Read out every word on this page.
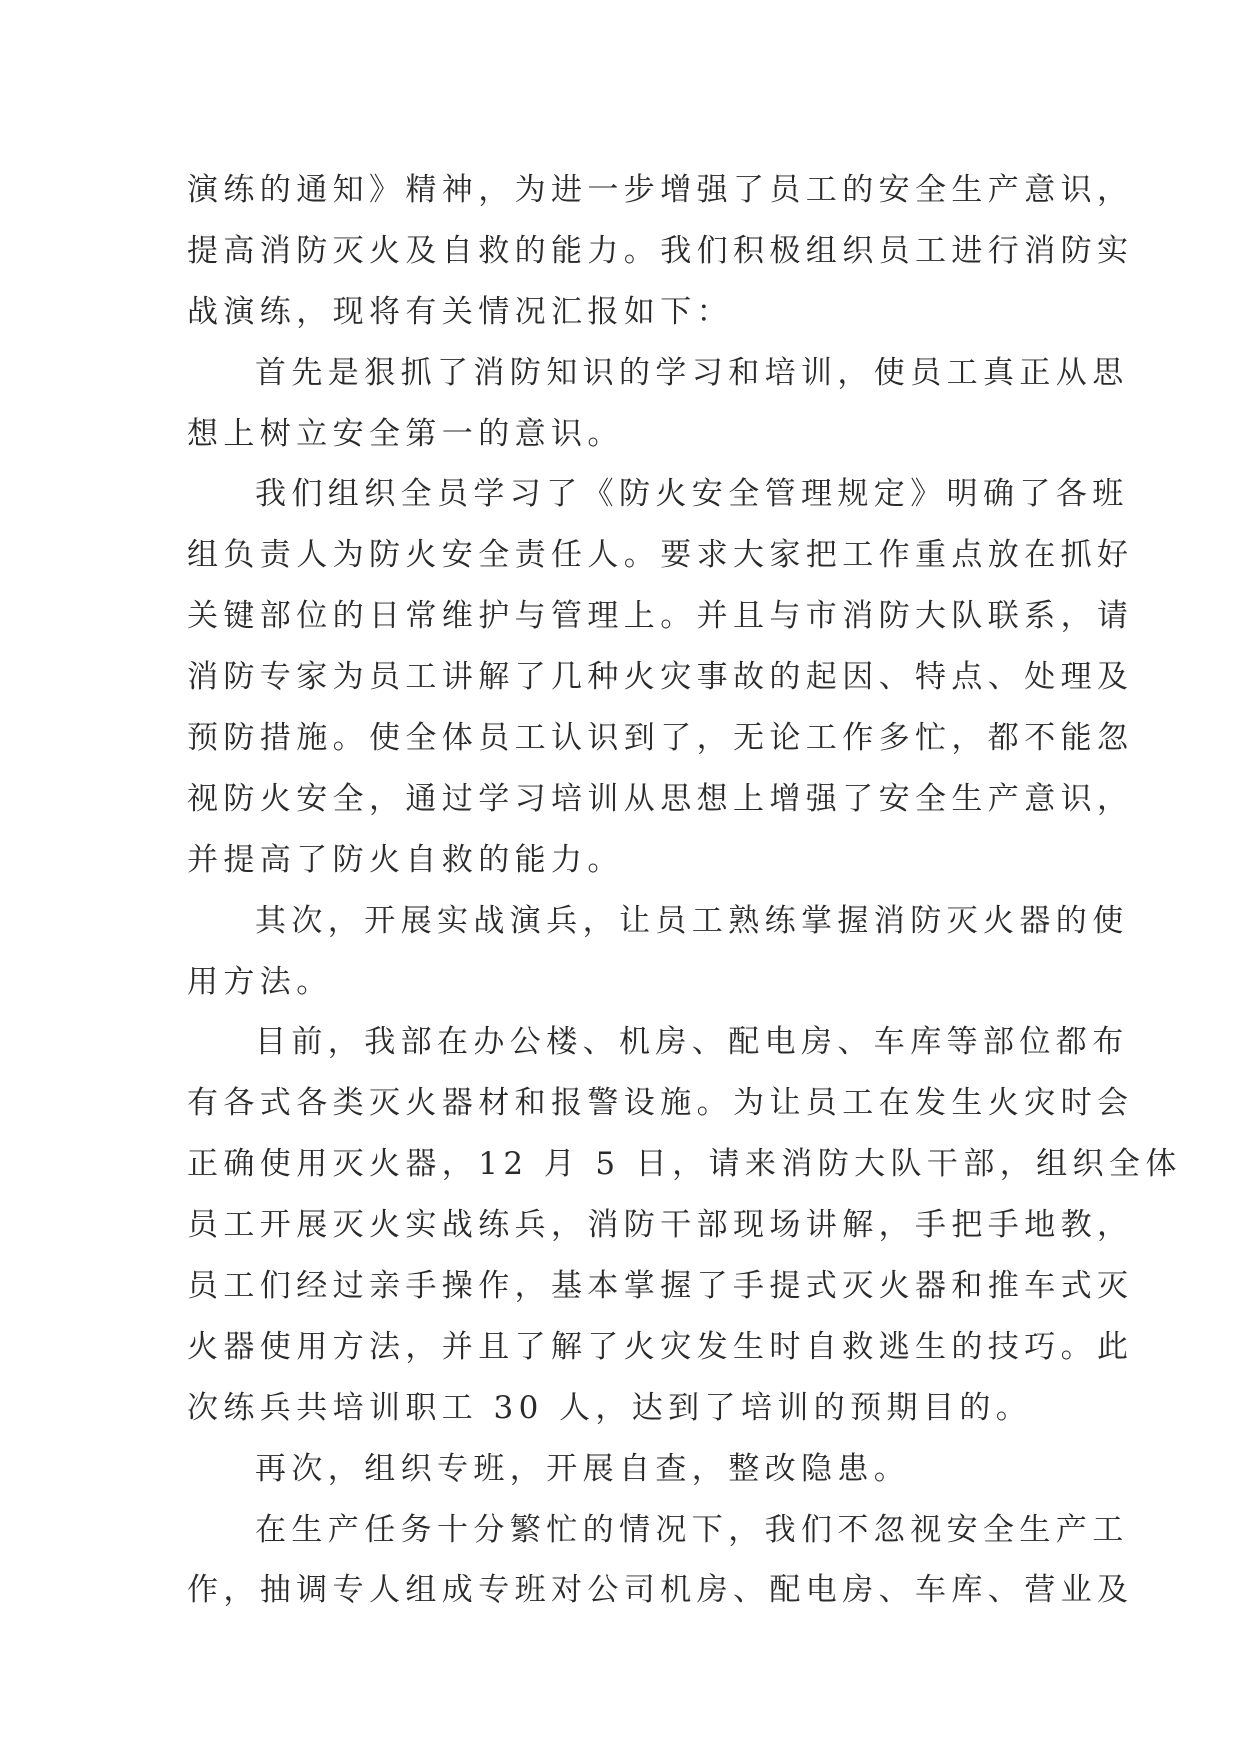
演练的通知》精神，为进一步增强了员工的安全生产意识，
提高消防灭火及自救的能力。我们积极组织员工进行消防实
战演练，现将有关情况汇报如下：
首先是狠抓了消防知识的学习和培训，使员工真正从思
想上树立安全第一的意识。
我们组织全员学习了《防火安全管理规定》明确了各班
组负责人为防火安全责任人。要求大家把工作重点放在抓好
关键部位的日常维护与管理上。并且与市消防大队联系，请
消防专家为员工讲解了几种火灾事故的起因、特点、处理及
预防措施。使全体员工认识到了，无论工作多忙，都不能忽
视防火安全，通过学习培训从思想上增强了安全生产意识，
并提高了防火自救的能力。
其次，开展实战演兵，让员工熟练掌握消防灭火器的使
用方法。
目前，我部在办公楼、机房、配电房、车库等部位都布
有各式各类灭火器材和报警设施。为让员工在发生火灾时会
正确使用灭火器，12 月 5 日，请来消防大队干部，组织全体
员工开展灭火实战练兵，消防干部现场讲解，手把手地教，
员工们经过亲手操作，基本掌握了手提式灭火器和推车式灭
火器使用方法，并且了解了火灾发生时自救逃生的技巧。此
次练兵共培训职工 30 人，达到了培训的预期目的。
再次，组织专班，开展自查，整改隐患。
在生产任务十分繁忙的情况下，我们不忽视安全生产工
作，抽调专人组成专班对公司机房、配电房、车库、营业及
